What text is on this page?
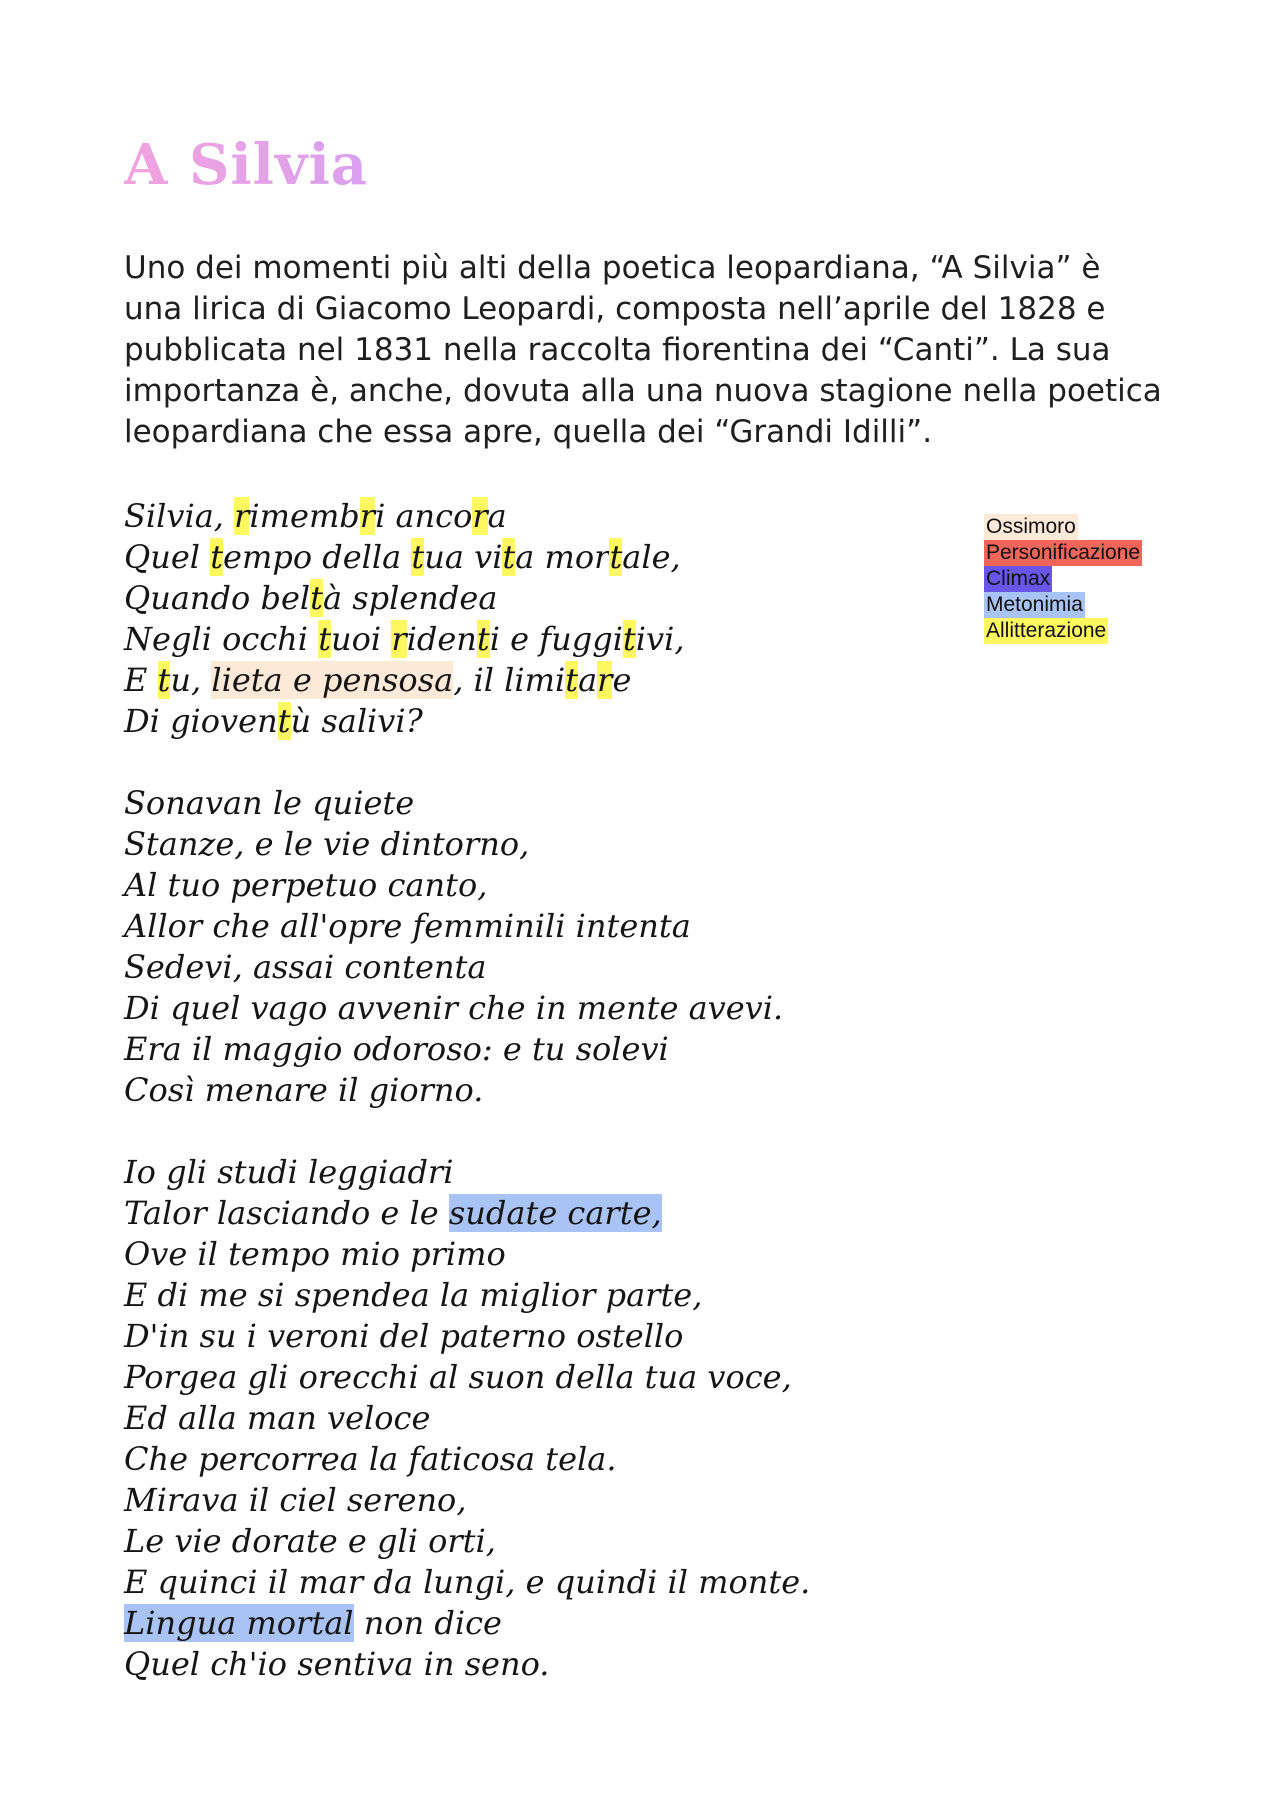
A Silvia

Uno dei momenti più alti della poetica leopardiana, “A Silvia” è una lirica di Giacomo Leopardi, composta nell’aprile del 1828 e pubblicata nel 1831 nella raccolta fiorentina dei “Canti”. La sua importanza è, anche, dovuta alla una nuova stagione nella poetica leopardiana che essa apre, quella dei “Grandi Idilli”.

Silvia, rimembri ancora
Quel tempo della tua vita mortale,
Quando beltà splendea
Negli occhi tuoi ridenti e fuggitivi,
E tu, lieta e pensosa, il limitare
Di gioventù salivi?
Sonavan le quiete
Stanze, e le vie dintorno,
Al tuo perpetuo canto,
Allor che all'opre femminili intenta
Sedevi, assai contenta
Di quel vago avvenir che in mente avevi.
Era il maggio odoroso: e tu solevi
Così menare il giorno.
Io gli studi leggiadri
Talor lasciando e le sudate carte,
Ove il tempo mio primo
E di me si spendea la miglior parte,
D'in su i veroni del paterno ostello
Porgea gli orecchi al suon della tua voce,
Ed alla man veloce
Che percorrea la faticosa tela.
Mirava il ciel sereno,
Le vie dorate e gli orti,
E quinci il mar da lungi, e quindi il monte.
Lingua mortal non dice
Quel ch'io sentiva in seno.
Ossimoro
Personificazione
Climax
Metonimia
Allitterazione
